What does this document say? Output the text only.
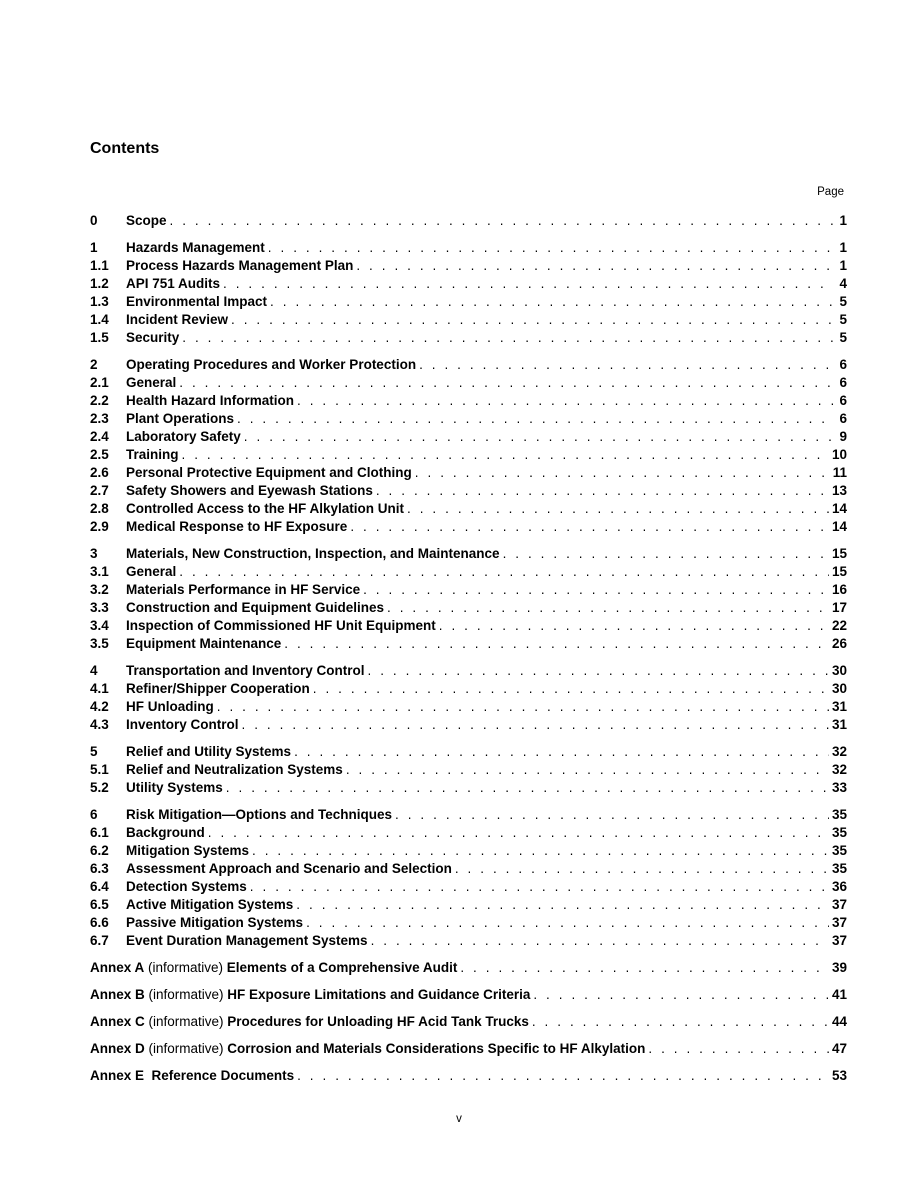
Contents
Page
0	Scope . . .	1
1	Hazards Management . . .	1
1.1	Process Hazards Management Plan . . .	1
1.2	API 751 Audits . . .	4
1.3	Environmental Impact . . .	5
1.4	Incident Review . . .	5
1.5	Security . . .	5
2	Operating Procedures and Worker Protection . . .	6
2.1	General . . .	6
2.2	Health Hazard Information . . .	6
2.3	Plant Operations . . .	6
2.4	Laboratory Safety . . .	9
2.5	Training . . .	10
2.6	Personal Protective Equipment and Clothing . . .	11
2.7	Safety Showers and Eyewash Stations . . .	13
2.8	Controlled Access to the HF Alkylation Unit . . .	14
2.9	Medical Response to HF Exposure . . .	14
3	Materials, New Construction, Inspection, and Maintenance . . .	15
3.1	General . . .	15
3.2	Materials Performance in HF Service . . .	16
3.3	Construction and Equipment Guidelines . . .	17
3.4	Inspection of Commissioned HF Unit Equipment . . .	22
3.5	Equipment Maintenance . . .	26
4	Transportation and Inventory Control . . .	30
4.1	Refiner/Shipper Cooperation . . .	30
4.2	HF Unloading . . .	31
4.3	Inventory Control . . .	31
5	Relief and Utility Systems . . .	32
5.1	Relief and Neutralization Systems . . .	32
5.2	Utility Systems . . .	33
6	Risk Mitigation—Options and Techniques . . .	35
6.1	Background . . .	35
6.2	Mitigation Systems . . .	35
6.3	Assessment Approach and Scenario and Selection . . .	35
6.4	Detection Systems . . .	36
6.5	Active Mitigation Systems . . .	37
6.6	Passive Mitigation Systems . . .	37
6.7	Event Duration Management Systems . . .	37
Annex A (informative) Elements of a Comprehensive Audit . . .	39
Annex B (informative) HF Exposure Limitations and Guidance Criteria . . .	41
Annex C (informative) Procedures for Unloading HF Acid Tank Trucks . . .	44
Annex D (informative) Corrosion and Materials Considerations Specific to HF Alkylation . . .	47
Annex E Reference Documents . . .	53
v
